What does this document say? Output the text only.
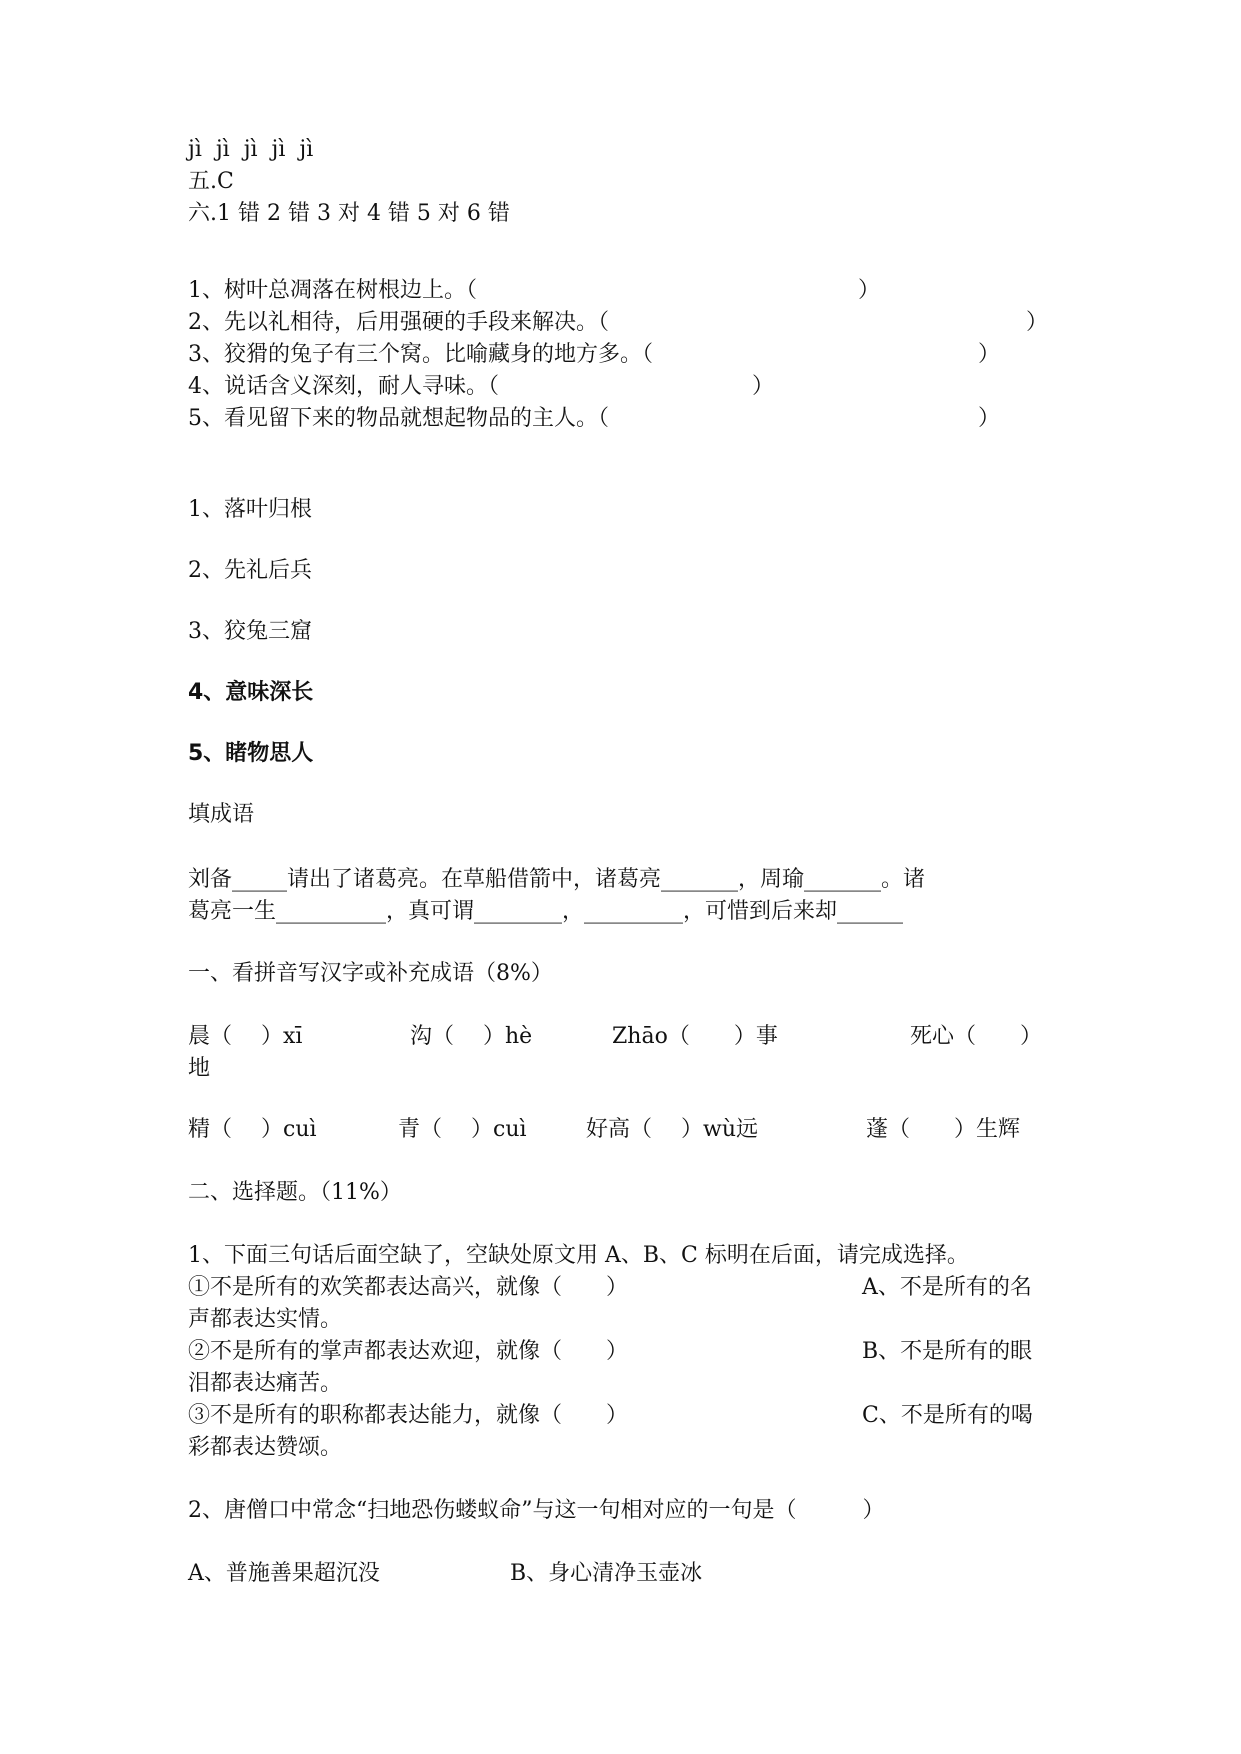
jì  jì  jì  jì  jì
五.C
六.1 错 2 错 3 对 4 错 5 对 6 错
1、树叶总凋落在树根边上。（	）
2、先以礼相待，后用强硬的手段来解决。（	）
3、狡猾的兔子有三个窝。比喻藏身的地方多。（	）
4、说话含义深刻，耐人寻味。（	）
5、看见留下来的物品就想起物品的主人。（	）
1、落叶归根
2、先礼后兵
3、狡兔三窟
4、意味深长
5、睹物思人
填成语
刘备_____请出了诸葛亮。在草船借箭中，诸葛亮_______，周瑜_______。诸
葛亮一生__________，真可谓________，_________，可惜到后来却______
一、看拼音写汉字或补充成语（8%）
晨（　 ）xī	沟（　 ）hè	Zhāo（　　）事	死心（　　）
地
精（　 ）cuì	青（　 ）cuì	好高（　 ）wù远	蓬（　　）生辉
二、选择题。（11%）
1、下面三句话后面空缺了，空缺处原文用 A、B、C 标明在后面，请完成选择。
①不是所有的欢笑都表达高兴，就像（　　）	A、不是所有的名
声都表达实情。
②不是所有的掌声都表达欢迎，就像（　　）	B、不是所有的眼
泪都表达痛苦。
③不是所有的职称都表达能力，就像（　　）	C、不是所有的喝
彩都表达赞颂。
2、唐僧口中常念“扫地恐伤蝼蚁命”与这一句相对应的一句是（　　　）
A、普施善果超沉没	B、身心清净玉壶冰
